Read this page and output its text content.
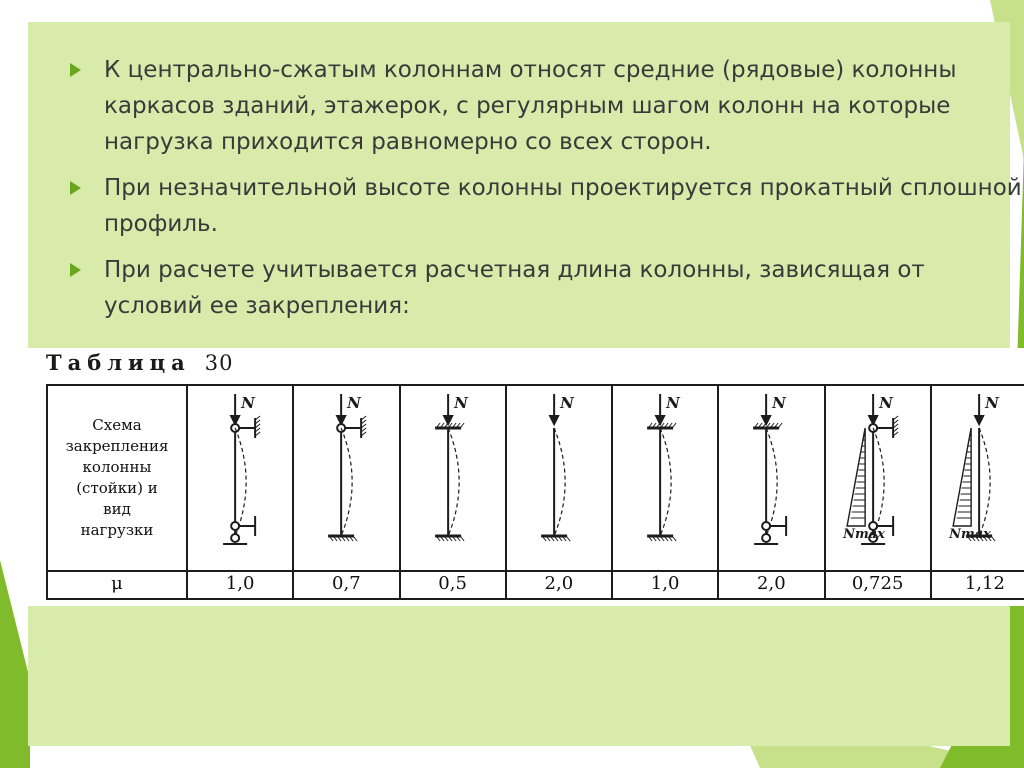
К центрально-сжатым колоннам относят средние (рядовые) колонны каркасов зданий, этажерок, с регулярным шагом колонн на которые нагрузка приходится равномерно со всех сторон.
При незначительной высоте колонны проектируется прокатный сплошной профиль.
При расчете учитывается расчетная длина колонны, зависящая от условий ее закрепления:
Таблица 30
Схема
закрепления
колонны
(стойки) и
вид
нагрузки
μ
N
1,0
N
0,7
N
0,5
N
2,0
N
1,0
N
2,0
N
Nmax
0,725
N
Nmax
1,12
